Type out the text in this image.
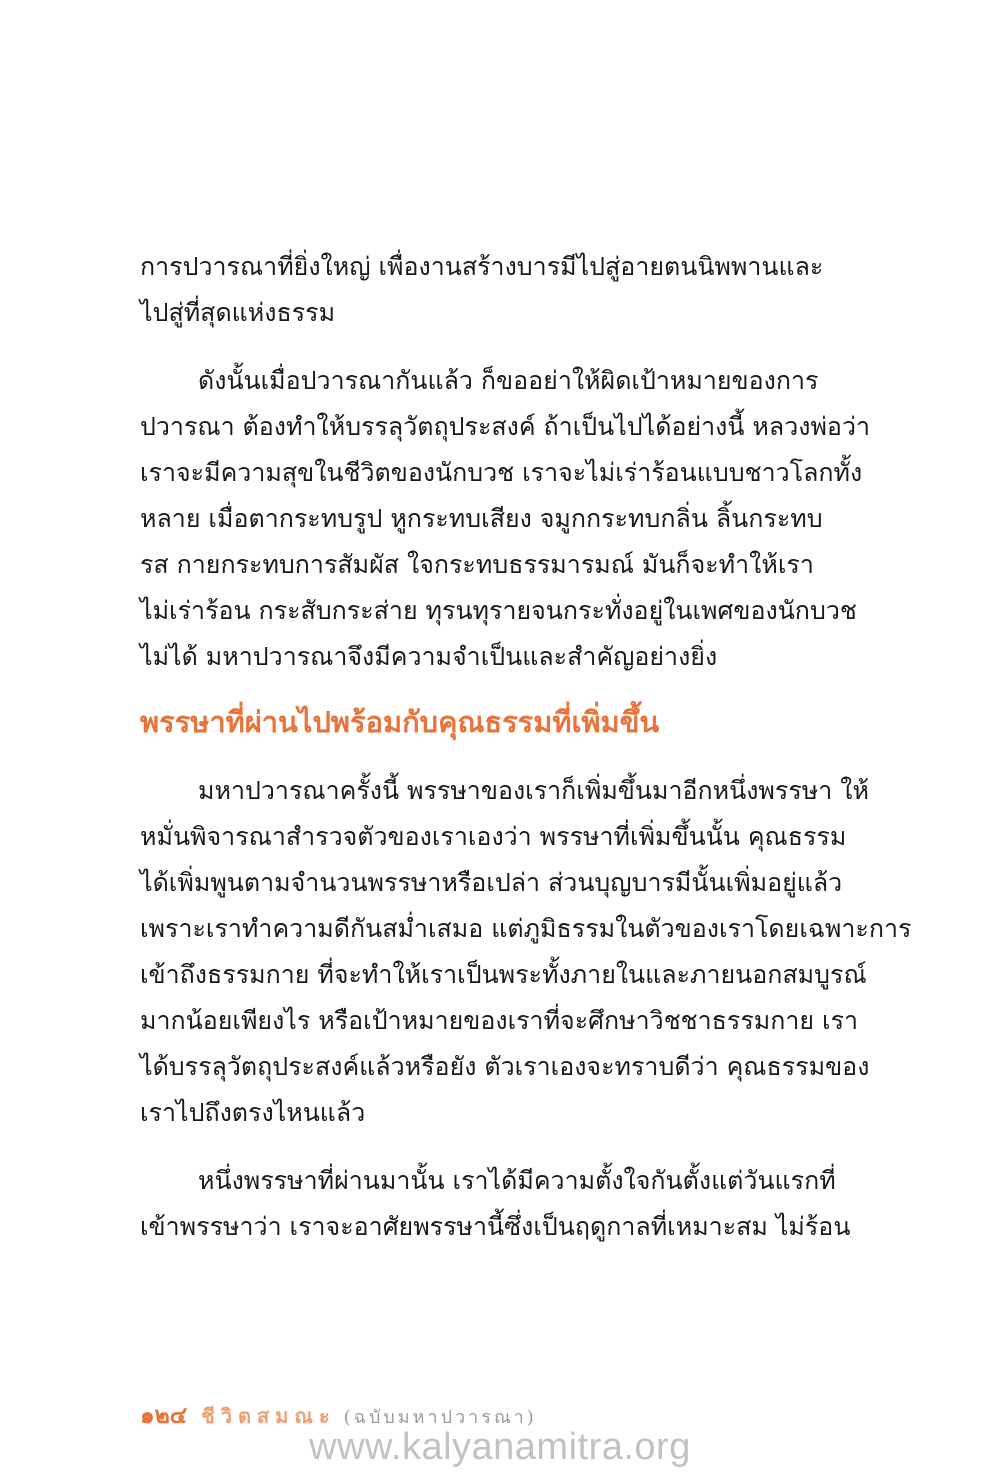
การปวารณาที่ยิ่งใหญ่ เพื่องานสร้างบารมีไปสู่อายตนนิพพานและ
ไปสู่ที่สุดแห่งธรรม

ดังนั้นเมื่อปวารณากันแล้ว ก็ขออย่าให้ผิดเป้าหมายของการ
ปวารณา ต้องทำให้บรรลุวัตถุประสงค์ ถ้าเป็นไปได้อย่างนี้ หลวงพ่อว่า
เราจะมีความสุขในชีวิตของนักบวช เราจะไม่เร่าร้อนแบบชาวโลกทั้ง
หลาย เมื่อตากระทบรูป หูกระทบเสียง จมูกกระทบกลิ่น ลิ้นกระทบ
รส กายกระทบการสัมผัส ใจกระทบธรรมารมณ์ มันก็จะทำให้เรา
ไม่เร่าร้อน กระสับกระส่าย ทุรนทุรายจนกระทั่งอยู่ในเพศของนักบวช
ไม่ได้ มหาปวารณาจึงมีความจำเป็นและสำคัญอย่างยิ่ง

พรรษาที่ผ่านไปพร้อมกับคุณธรรมที่เพิ่มขึ้น

มหาปวารณาครั้งนี้ พรรษาของเราก็เพิ่มขึ้นมาอีกหนึ่งพรรษา ให้
หมั่นพิจารณาสำรวจตัวของเราเองว่า พรรษาที่เพิ่มขึ้นนั้น คุณธรรม
ได้เพิ่มพูนตามจำนวนพรรษาหรือเปล่า ส่วนบุญบารมีนั้นเพิ่มอยู่แล้ว
เพราะเราทำความดีกันสม่ำเสมอ แต่ภูมิธรรมในตัวของเราโดยเฉพาะการ
เข้าถึงธรรมกาย ที่จะทำให้เราเป็นพระทั้งภายในและภายนอกสมบูรณ์
มากน้อยเพียงไร หรือเป้าหมายของเราที่จะศึกษาวิชชาธรรมกาย เรา
ได้บรรลุวัตถุประสงค์แล้วหรือยัง ตัวเราเองจะทราบดีว่า คุณธรรมของ
เราไปถึงตรงไหนแล้ว

หนึ่งพรรษาที่ผ่านมานั้น เราได้มีความตั้งใจกันตั้งแต่วันแรกที่
เข้าพรรษาว่า เราจะอาศัยพรรษานี้ซึ่งเป็นฤดูกาลที่เหมาะสม ไม่ร้อน

๑๒๔ ชีวิตสมณะ (ฉบับมหาปวารณา)
www.kalyanamitra.org
